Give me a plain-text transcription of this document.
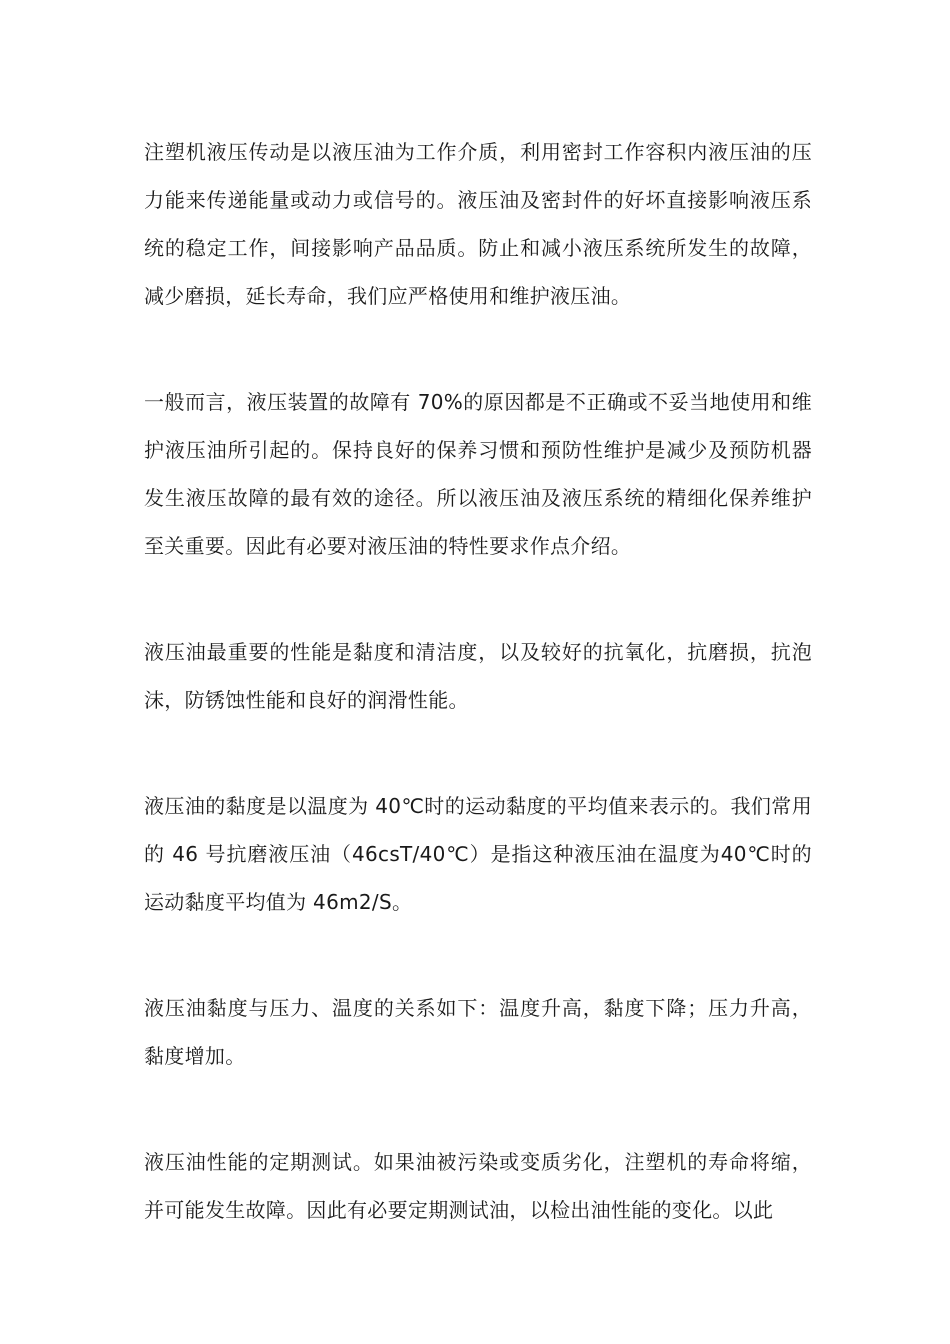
注塑机液压传动是以液压油为工作介质，利用密封工作容积内液压油的压力能来传递能量或动力或信号的。液压油及密封件的好坏直接影响液压系统的稳定工作，间接影响产品品质。防止和减小液压系统所发生的故障，减少磨损，延长寿命，我们应严格使用和维护液压油。

一般而言，液压装置的故障有 70%的原因都是不正确或不妥当地使用和维护液压油所引起的。保持良好的保养习惯和预防性维护是减少及预防机器发生液压故障的最有效的途径。所以液压油及液压系统的精细化保养维护至关重要。因此有必要对液压油的特性要求作点介绍。

液压油最重要的性能是黏度和清洁度，以及较好的抗氧化，抗磨损，抗泡沫，防锈蚀性能和良好的润滑性能。

液压油的黏度是以温度为 40℃时的运动黏度的平均值来表示的。我们常用的 46 号抗磨液压油（46csT/40℃）是指这种液压油在温度为40℃时的运动黏度平均值为 46m2/S。

液压油黏度与压力、温度的关系如下：温度升高，黏度下降；压力升高，黏度增加。

液压油性能的定期测试。如果油被污染或变质劣化，注塑机的寿命将缩，并可能发生故障。因此有必要定期测试油，以检出油性能的变化。以此
